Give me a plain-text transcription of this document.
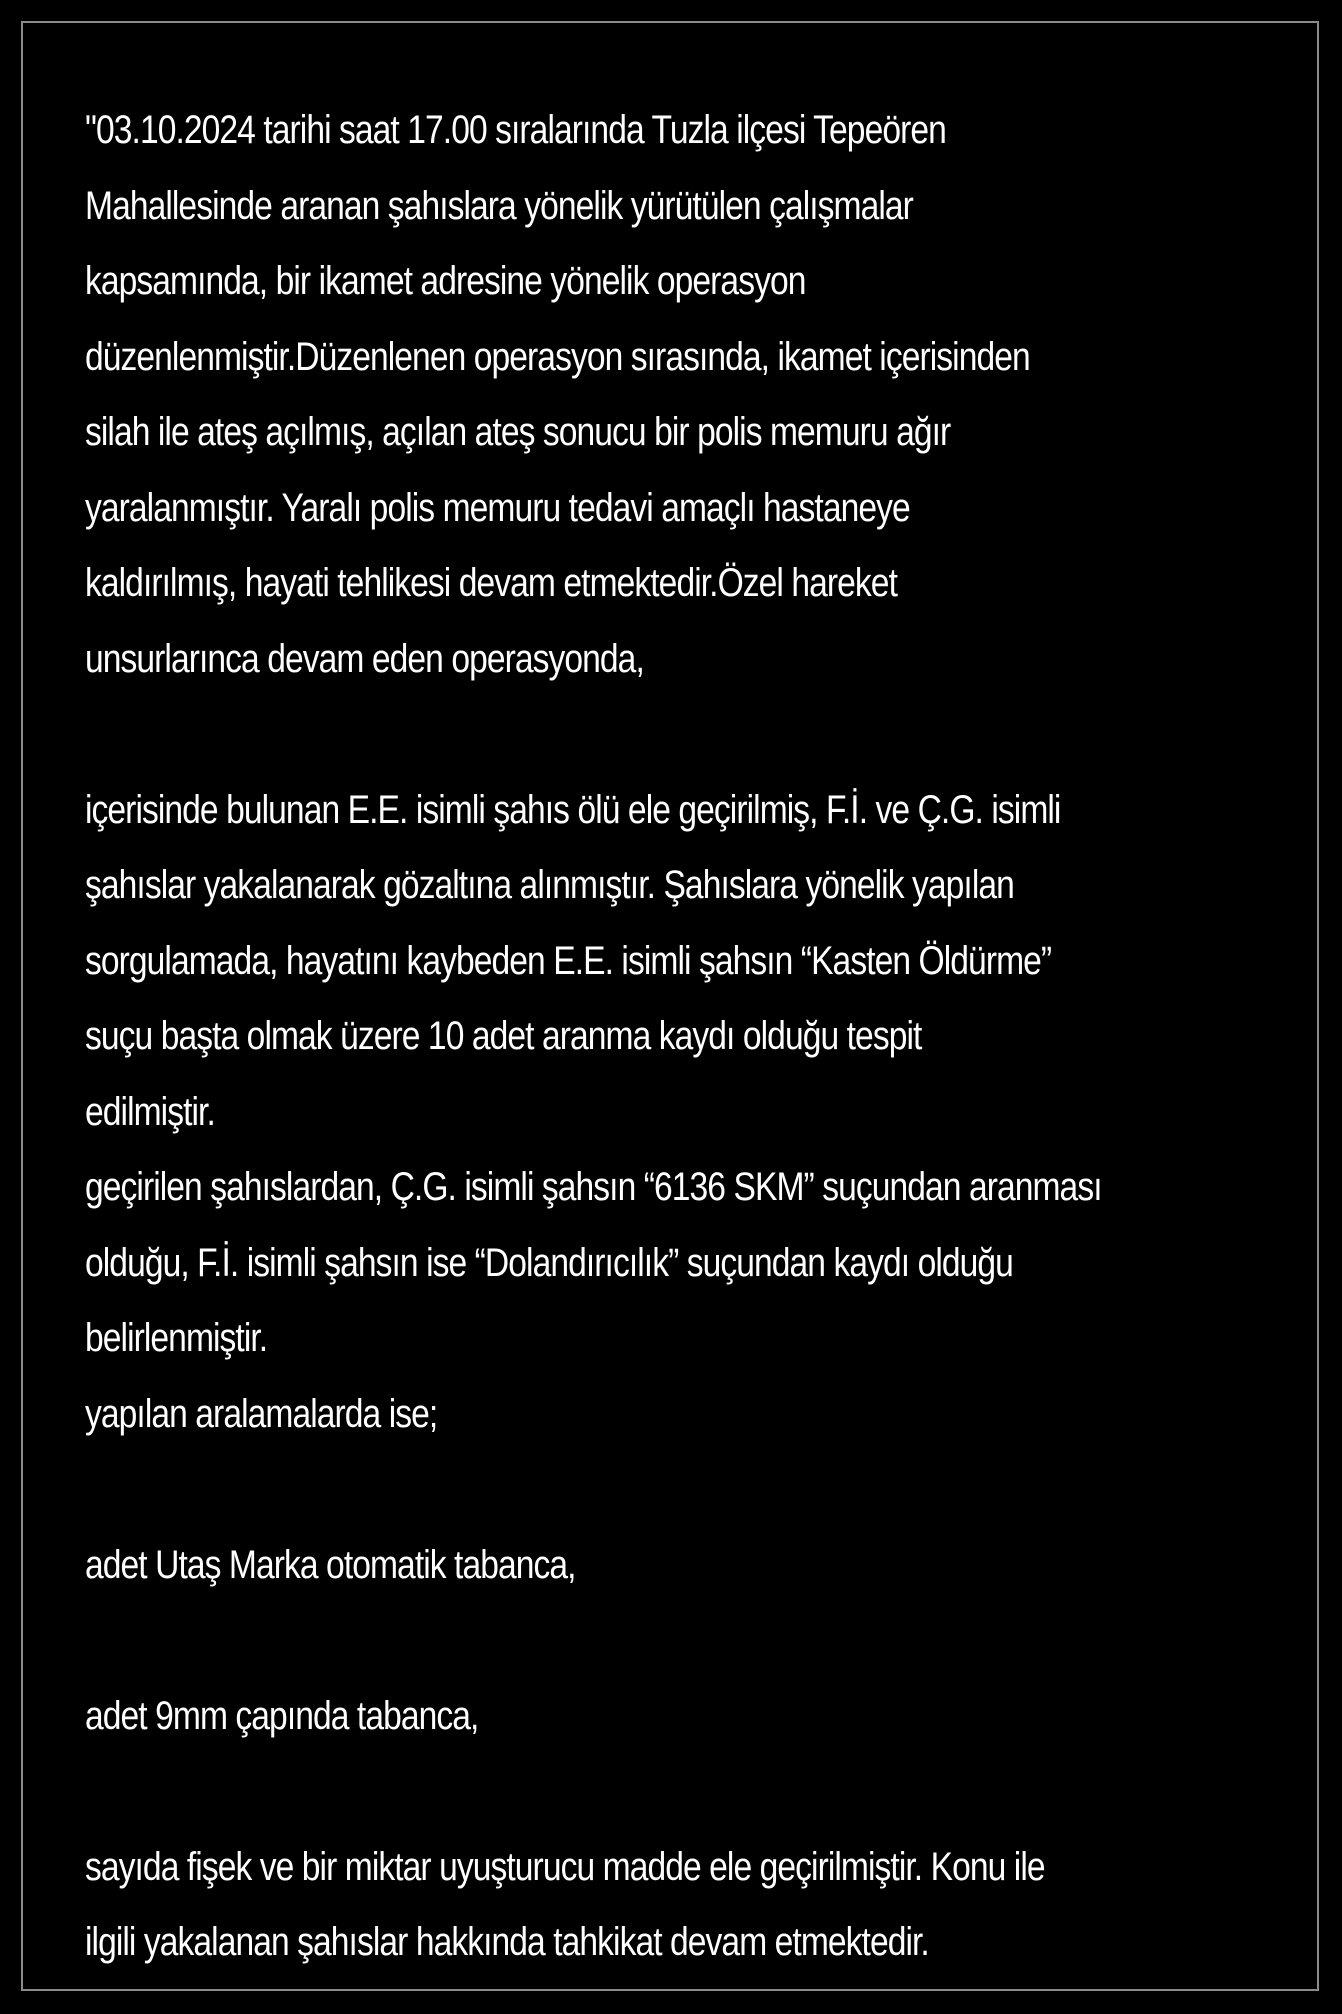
"03.10.2024 tarihi saat 17.00 sıralarında Tuzla ilçesi Tepeören
Mahallesinde aranan şahıslara yönelik yürütülen çalışmalar
kapsamında, bir ikamet adresine yönelik operasyon
düzenlenmiştir.Düzenlenen operasyon sırasında, ikamet içerisinden
silah ile ateş açılmış, açılan ateş sonucu bir polis memuru ağır
yaralanmıştır. Yaralı polis memuru tedavi amaçlı hastaneye
kaldırılmış, hayati tehlikesi devam etmektedir.Özel hareket
unsurlarınca devam eden operasyonda,
içerisinde bulunan E.E. isimli şahıs ölü ele geçirilmiş, F.İ. ve Ç.G. isimli
şahıslar yakalanarak gözaltına alınmıştır. Şahıslara yönelik yapılan
sorgulamada, hayatını kaybeden E.E. isimli şahsın “Kasten Öldürme”
suçu başta olmak üzere 10 adet aranma kaydı olduğu tespit
edilmiştir.
geçirilen şahıslardan, Ç.G. isimli şahsın “6136 SKM” suçundan aranması
olduğu, F.İ. isimli şahsın ise “Dolandırıcılık” suçundan kaydı olduğu
belirlenmiştir.
yapılan aralamalarda ise;
adet Utaş Marka otomatik tabanca,
adet 9mm çapında tabanca,
sayıda fişek ve bir miktar uyuşturucu madde ele geçirilmiştir. Konu ile
ilgili yakalanan şahıslar hakkında tahkikat devam etmektedir.
